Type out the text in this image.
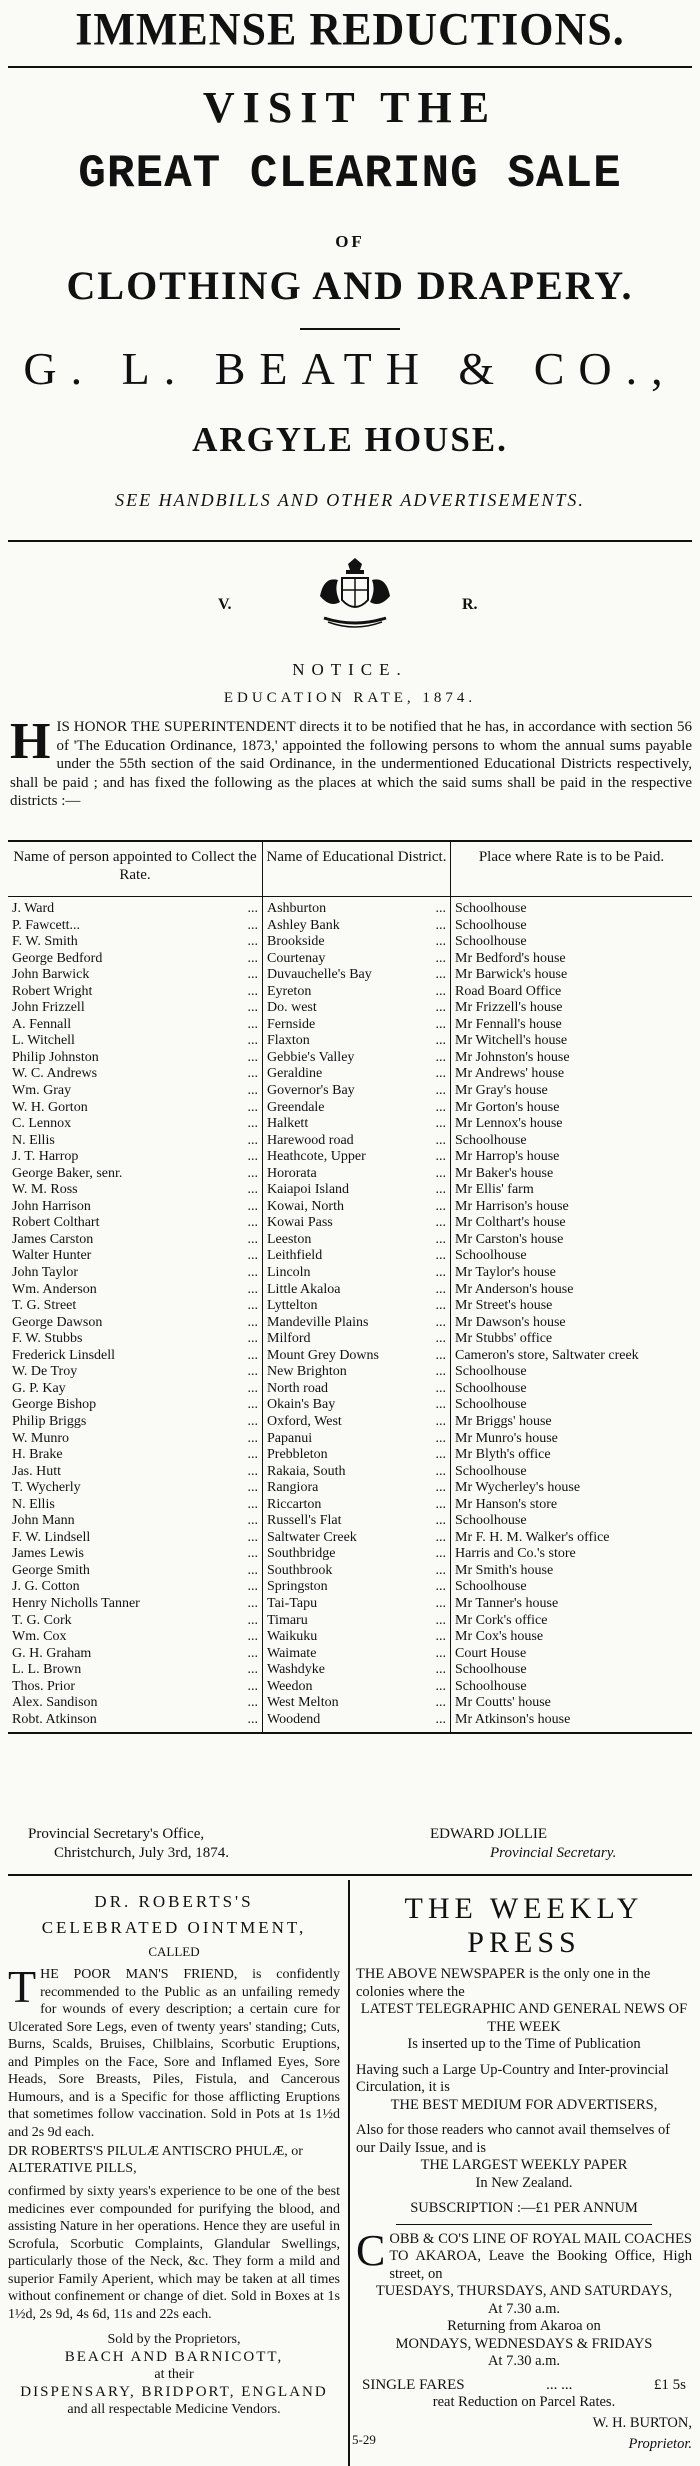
IMMENSE REDUCTIONS.
VISIT THE
GREAT CLEARING SALE
OF
CLOTHING AND DRAPERY.
G. L. BEATH & CO.,
ARGYLE HOUSE.
SEE HANDBILLS AND OTHER ADVERTISEMENTS.
V.	R.
NOTICE.
EDUCATION RATE, 1874.
HIS HONOR THE SUPERINTENDENT directs it to be notified that he has, in accordance with section 56 of 'The Education Ordinance, 1873,' appointed the following persons to whom the annual sums payable under the 55th section of the said Ordinance, in the undermentioned Educational Districts respectively, shall be paid ; and has fixed the following as the places at which the said sums shall be paid in the respective districts :—
Name of person appointed to Collect the Rate.
Name of Educational District.	Place where Rate is to be Paid.
J. Ward	... Ashburton	... Schoolhouse
P. Fawcett...	... Ashley Bank	... Schoolhouse
F. W. Smith	... Brookside	... Schoolhouse
George Bedford	... Courtenay	... Mr Bedford's house
John Barwick	... Duvauchelle's Bay	... Mr Barwick's house
Robert Wright	... Eyreton	... Road Board Office
John Frizzell	... Do. west	... Mr Frizzell's house
A. Fennall	... Fernside	... Mr Fennall's house
L. Witchell	... Flaxton	... Mr Witchell's house
Philip Johnston	... Gebbie's Valley	... Mr Johnston's house
W. C. Andrews	... Geraldine	... Mr Andrews' house
Wm. Gray	... Governor's Bay	... Mr Gray's house
W. H. Gorton	... Greendale	... Mr Gorton's house
C. Lennox	... Halkett	... Mr Lennox's house
N. Ellis	... Harewood road	... Schoolhouse
J. T. Harrop	... Heathcote, Upper	... Mr Harrop's house
George Baker, senr.	... Hororata	... Mr Baker's house
W. M. Ross	... Kaiapoi Island	... Mr Ellis' farm
John Harrison	... Kowai, North	... Mr Harrison's house
Robert Colthart	... Kowai Pass	... Mr Colthart's house
James Carston	... Leeston	... Mr Carston's house
Walter Hunter	... Leithfield	... Schoolhouse
John Taylor	... Lincoln	... Mr Taylor's house
Wm. Anderson	... Little Akaloa	... Mr Anderson's house
T. G. Street	... Lyttelton	... Mr Street's house
George Dawson	... Mandeville Plains	... Mr Dawson's house
F. W. Stubbs	... Milford	... Mr Stubbs' office
Frederick Linsdell	... Mount Grey Downs	... Cameron's store, Saltwater creek
W. De Troy	... New Brighton	... Schoolhouse
G. P. Kay	... North road	... Schoolhouse
George Bishop	... Okain's Bay	... Schoolhouse
Philip Briggs	... Oxford, West	... Mr Briggs' house
W. Munro	... Papanui	... Mr Munro's house
H. Brake	... Prebbleton	... Mr Blyth's office
Jas. Hutt	... Rakaia, South	... Schoolhouse
T. Wycherly	... Rangiora	... Mr Wycherley's house
N. Ellis	... Riccarton	... Mr Hanson's store
John Mann	... Russell's Flat	... Schoolhouse
F. W. Lindsell	... Saltwater Creek	... Mr F. H. M. Walker's office
James Lewis	... Southbridge	... Harris and Co.'s store
George Smith	... Southbrook	... Mr Smith's house
J. G. Cotton	... Springston	... Schoolhouse
Henry Nicholls Tanner	... Tai-Tapu	... Mr Tanner's house
T. G. Cork	... Timaru	... Mr Cork's office
Wm. Cox	... Waikuku	... Mr Cox's house
G. H. Graham	... Waimate	... Court House
L. L. Brown	... Washdyke	... Schoolhouse
Thos. Prior	... Weedon	... Schoolhouse
Alex. Sandison	... West Melton	... Mr Coutts' house
Robt. Atkinson	... Woodend	... Mr Atkinson's house
Provincial Secretary's Office,
Christchurch, July 3rd, 1874.
EDWARD JOLLIE
Provincial Secretary.
DR. ROBERTS'S
CELEBRATED OINTMENT,
CALLED
THE POOR MAN'S FRIEND, is confidently recommended to the Public as an unfailing remedy for wounds of every description; a certain cure for Ulcerated Sore Legs, even of twenty years' standing; Cuts, Burns, Scalds, Bruises, Chilblains, Scorbutic Eruptions, and Pimples on the Face, Sore and Inflamed Eyes, Sore Heads, Sore Breasts, Piles, Fistula, and Cancerous Humours, and is a Specific for those afflicting Eruptions that sometimes follow vaccination. Sold in Pots at 1s 1½d and 2s 9d each.
DR ROBERTS'S PILULÆ ANTISCRO PHULÆ, or ALTERATIVE PILLS,
confirmed by sixty years's experience to be one of the best medicines ever compounded for purifying the blood, and assisting Nature in her operations. Hence they are useful in Scrofula, Scorbutic Complaints, Glandular Swellings, particularly those of the Neck, &c. They form a mild and superior Family Aperient, which may be taken at all times without confinement or change of diet. Sold in Boxes at 1s 1½d, 2s 9d, 4s 6d, 11s and 22s each.
Sold by the Proprietors,
BEACH AND BARNICOTT,
at their
DISPENSARY, BRIDPORT, ENGLAND
and all respectable Medicine Vendors.
THE WEEKLY PRESS
THE ABOVE NEWSPAPER is the only one in the colonies where the
LATEST TELEGRAPHIC AND GENERAL NEWS OF THE WEEK
Is inserted up to the Time of Publication
Having such a Large Up-Country and Inter-provincial Circulation, it is
THE BEST MEDIUM FOR ADVERTISERS,
Also for those readers who cannot avail themselves of our Daily Issue, and is
THE LARGEST WEEKLY PAPER
In New Zealand.
SUBSCRIPTION :—£1 PER ANNUM
COBB & CO'S LINE OF ROYAL MAIL COACHES TO AKAROA, Leave the Booking Office, High street, on
TUESDAYS, THURSDAYS, AND SATURDAYS,
At 7.30 a.m.
Returning from Akaroa on
MONDAYS, WEDNESDAYS & FRIDAYS
At 7.30 a.m.
SINGLE FARES	... ...	£1 5s
reat Reduction on Parcel Rates.
W. H. BURTON,
Proprietor.
5-29
